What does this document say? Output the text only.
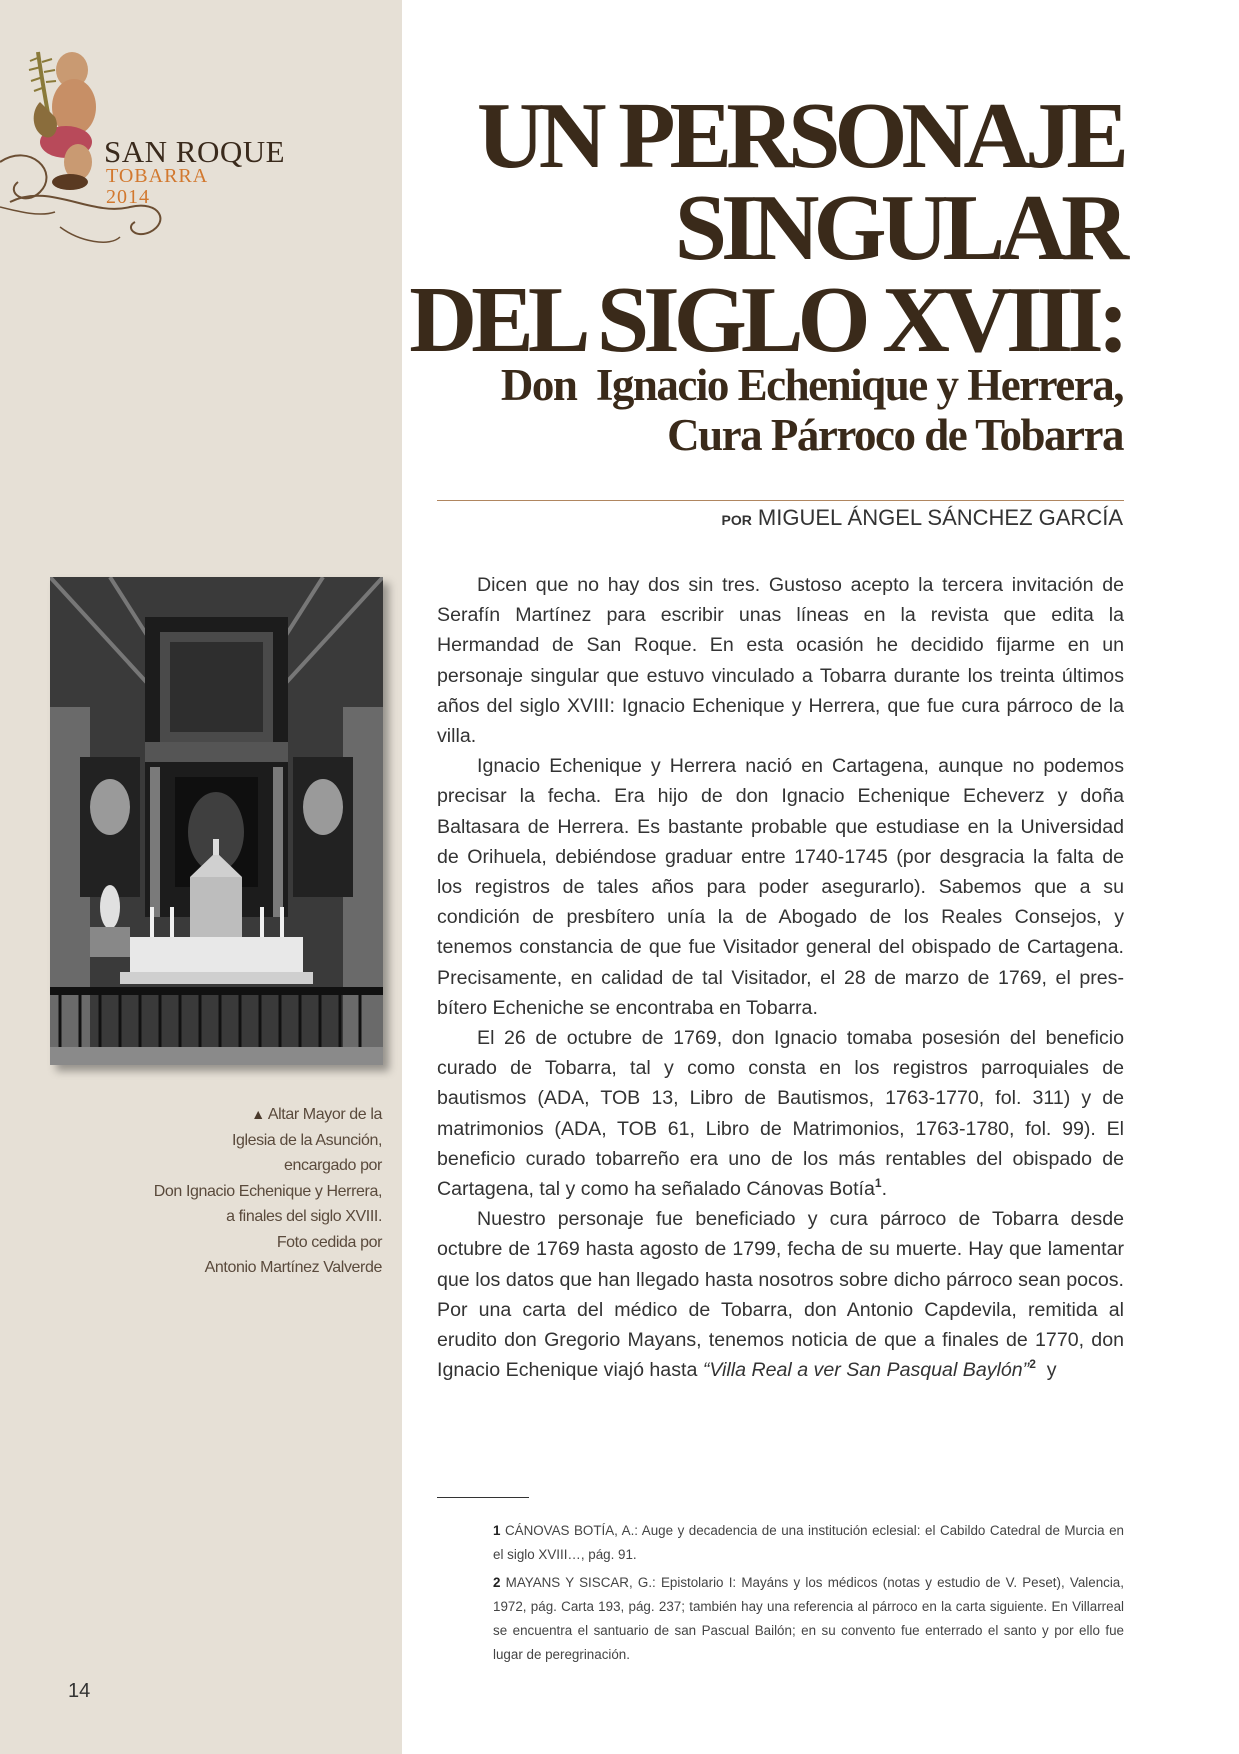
SAN ROQUE
TOBARRA
2014
▲ Altar Mayor de la
Iglesia de la Asunción,
encargado por
Don Ignacio Echenique y Herrera,
a finales del siglo XVIII.
Foto cedida por
Antonio Martínez Valverde
14
UN PERSONAJE
SINGULAR
DEL SIGLO XVIII:
Don  Ignacio Echenique y Herrera,
Cura Párroco de Tobarra
POR MIGUEL ÁNGEL SÁNCHEZ GARCÍA

Dicen que no hay dos sin tres. Gustoso acepto la tercera invitación de Serafín Martínez para escribir unas líneas en la revista que edita la Hermandad de San Roque. En esta ocasión he decidido fijarme en un personaje singular que estuvo vinculado a Tobarra durante los treinta últimos años del siglo XVIII: Ignacio Echenique y Herrera, que fue cura párroco de la villa.

Ignacio Echenique y Herrera nació en Cartagena, aunque no podemos precisar la fecha. Era hijo de don Ignacio Echenique Echeverz y doña Baltasara de Herrera. Es bastante probable que estudiase en la Universidad de Orihuela, debiéndose graduar entre 1740-1745 (por desgracia la falta de los registros de tales años para poder asegurarlo). Sabemos que a su condición de presbítero unía la de Abogado de los Reales Consejos, y tenemos constancia de que fue Visitador general del obispado de Cartagena. Precisamente, en calidad de tal Visitador, el 28 de marzo de 1769, el presbítero Echeniche se encontraba en Tobarra.

El 26 de octubre de 1769, don Ignacio tomaba posesión del beneficio curado de Tobarra, tal y como consta en los registros parroquiales de bautismos (ADA, TOB 13, Libro de Bautismos, 1763-1770, fol. 311) y de matrimonios (ADA, TOB 61, Libro de Matrimonios, 1763-1780, fol. 99). El beneficio curado tobarreño era uno de los más rentables del obispado de Cartagena, tal y como ha señalado Cánovas Botía$^1$.

Nuestro personaje fue beneficiado y cura párroco de Tobarra desde octubre de 1769 hasta agosto de 1799, fecha de su muerte. Hay que lamentar que los datos que han llegado hasta nosotros sobre dicho párroco sean pocos. Por una carta del médico de Tobarra, don Antonio Capdevila, remitida al erudito don Gregorio Mayans, tenemos noticia de que a finales de 1770, don Ignacio Echenique viajó hasta “Villa Real a ver San Pasqual Baylón”$^2$  y

1 CÁNOVAS BOTÍA, A.: Auge y decadencia de una institución eclesial: el Cabildo Catedral de Murcia en el siglo XVIII…, pág. 91.

2 MAYANS Y SISCAR, G.: Epistolario I: Mayáns y los médicos (notas y estudio de V. Peset), Valencia, 1972, pág. Carta 193, pág. 237; también hay una referencia al párroco en la carta siguiente. En Villarreal se encuentra el santuario de san Pascual Bailón; en su convento fue enterrado el santo y por ello fue lugar de peregrinación.
